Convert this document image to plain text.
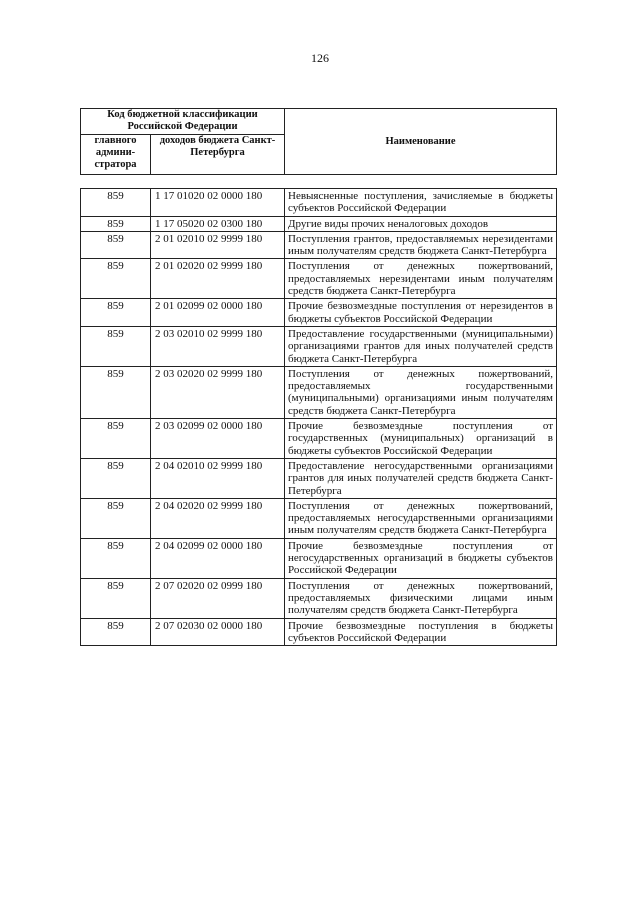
126
Код бюджетной классификации Российской Федерации		Наименование
главного админи-стратора	доходов бюджета Санкт-Петербурга	
859	1 17 01020 02 0000 180	Невыясненные поступления, зачисляемые в бюджеты субъектов Российской Федерации
859	1 17 05020 02 0300 180	Другие виды прочих неналоговых доходов
859	2 01 02010 02 9999 180	Поступления грантов, предоставляемых нерезидентами иным получателям средств бюджета Санкт-Петербурга
859	2 01 02020 02 9999 180	Поступления от денежных пожертвований, предоставляемых нерезидентами иным получателям средств бюджета Санкт-Петербурга
859	2 01 02099 02 0000 180	Прочие безвозмездные поступления от нерезидентов в бюджеты субъектов Российской Федерации
859	2 03 02010 02 9999 180	Предоставление государственными (муниципальными) организациями грантов для иных получателей средств бюджета Санкт-Петербурга
859	2 03 02020 02 9999 180	Поступления от денежных пожертвований, предоставляемых государственными (муниципальными) организациями иным получателям средств бюджета Санкт-Петербурга
859	2 03 02099 02 0000 180	Прочие безвозмездные поступления от государственных (муниципальных) организаций в бюджеты субъектов Российской Федерации
859	2 04 02010 02 9999 180	Предоставление негосударственными организациями грантов для иных получателей средств бюджета Санкт-Петербурга
859	2 04 02020 02 9999 180	Поступления от денежных пожертвований, предоставляемых негосударственными организациями иным получателям средств бюджета Санкт-Петербурга
859	2 04 02099 02 0000 180	Прочие безвозмездные поступления от негосударственных организаций в бюджеты субъектов Российской Федерации
859	2 07 02020 02 0999 180	Поступления от денежных пожертвований, предоставляемых физическими лицами иным получателям средств бюджета Санкт-Петербурга
859	2 07 02030 02 0000 180	Прочие безвозмездные поступления в бюджеты субъектов Российской Федерации
